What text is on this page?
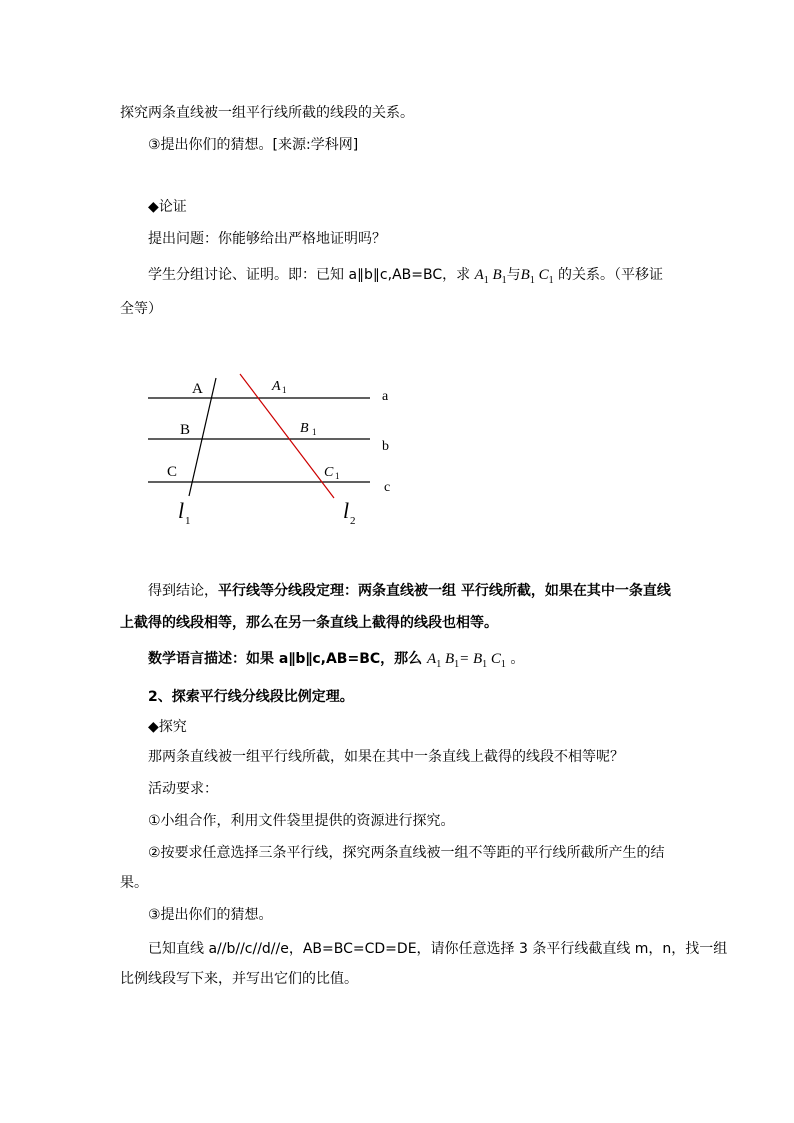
探究两条直线被一组平行线所截的线段的关系。
③提出你们的猜想。[来源:学科网]
◆论证
提出问题：你能够给出严格地证明吗？
学生分组讨论、证明。即：已知 a∥b∥c,AB=BC，求 $A_1$ $B_1$与$B_1$ $C_1$ 的关系。（平移证
全等）
A
B
C
a
b
c
A 1
B 1
C 1
l 1	l 2
得到结论，平行线等分线段定理：两条直线被一组 平行线所截，如果在其中一条直线
上截得的线段相等，那么在另一条直线上截得的线段也相等。
数学语言描述：如果 a∥b∥c,AB=BC，那么 $A_1$ $B_1= B_1$ $C_1$ 。
2、探索平行线分线段比例定理。
◆探究
那两条直线被一组平行线所截，如果在其中一条直线上截得的线段不相等呢？
活动要求：
①小组合作，利用文件袋里提供的资源进行探究。
②按要求任意选择三条平行线，探究两条直线被一组不等距的平行线所截所产生的结
果。
③提出你们的猜想。
已知直线 a//b//c//d//e，AB=BC=CD=DE，请你任意选择 3 条平行线截直线 m，n，找一组
比例线段写下来，并写出它们的比值。
